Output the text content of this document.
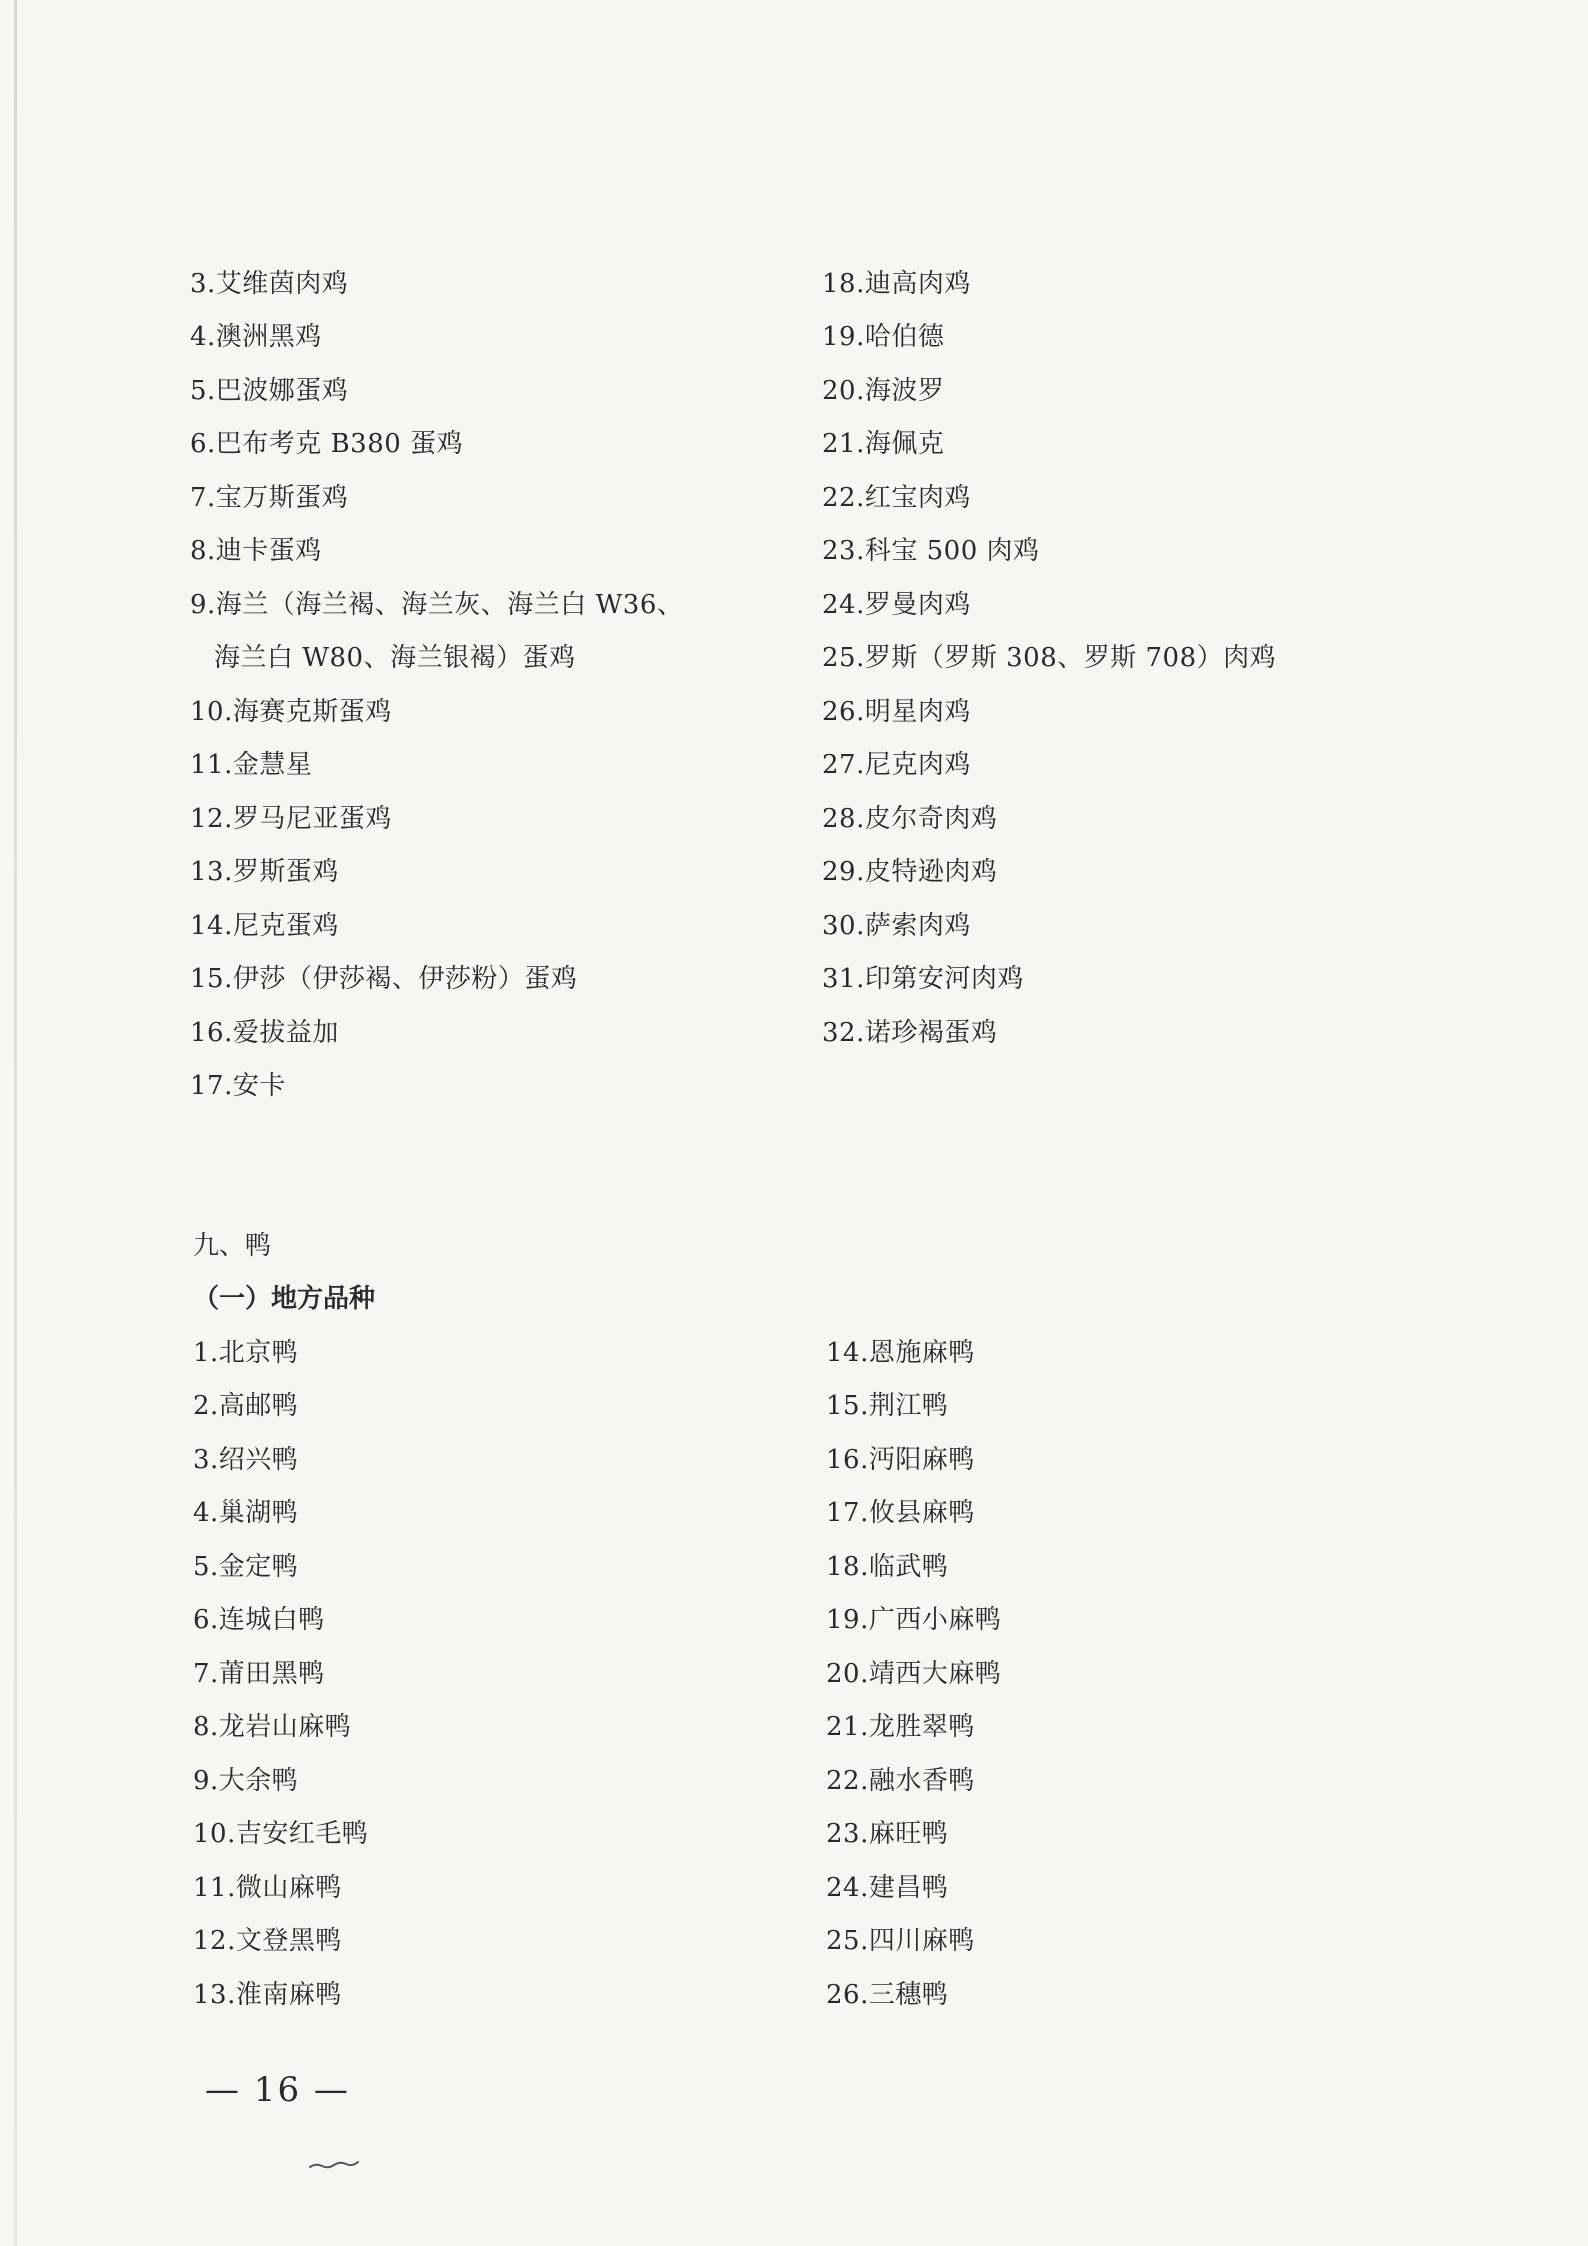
3.艾维茵肉鸡
4.澳洲黑鸡
5.巴波娜蛋鸡
6.巴布考克 B380 蛋鸡
7.宝万斯蛋鸡
8.迪卡蛋鸡
9.海兰（海兰褐、海兰灰、海兰白 W36、
海兰白 W80、海兰银褐）蛋鸡
10.海赛克斯蛋鸡
11.金慧星
12.罗马尼亚蛋鸡
13.罗斯蛋鸡
14.尼克蛋鸡
15.伊莎（伊莎褐、伊莎粉）蛋鸡
16.爱拔益加
17.安卡
18.迪高肉鸡
19.哈伯德
20.海波罗
21.海佩克
22.红宝肉鸡
23.科宝 500 肉鸡
24.罗曼肉鸡
25.罗斯（罗斯 308、罗斯 708）肉鸡
26.明星肉鸡
27.尼克肉鸡
28.皮尔奇肉鸡
29.皮特逊肉鸡
30.萨索肉鸡
31.印第安河肉鸡
32.诺珍褐蛋鸡
九、鸭
（一）地方品种
1.北京鸭
2.高邮鸭
3.绍兴鸭
4.巢湖鸭
5.金定鸭
6.连城白鸭
7.莆田黑鸭
8.龙岩山麻鸭
9.大余鸭
10.吉安红毛鸭
11.微山麻鸭
12.文登黑鸭
13.淮南麻鸭
14.恩施麻鸭
15.荆江鸭
16.沔阳麻鸭
17.攸县麻鸭
18.临武鸭
19.广西小麻鸭
20.靖西大麻鸭
21.龙胜翠鸭
22.融水香鸭
23.麻旺鸭
24.建昌鸭
25.四川麻鸭
26.三穗鸭
— 16 —
